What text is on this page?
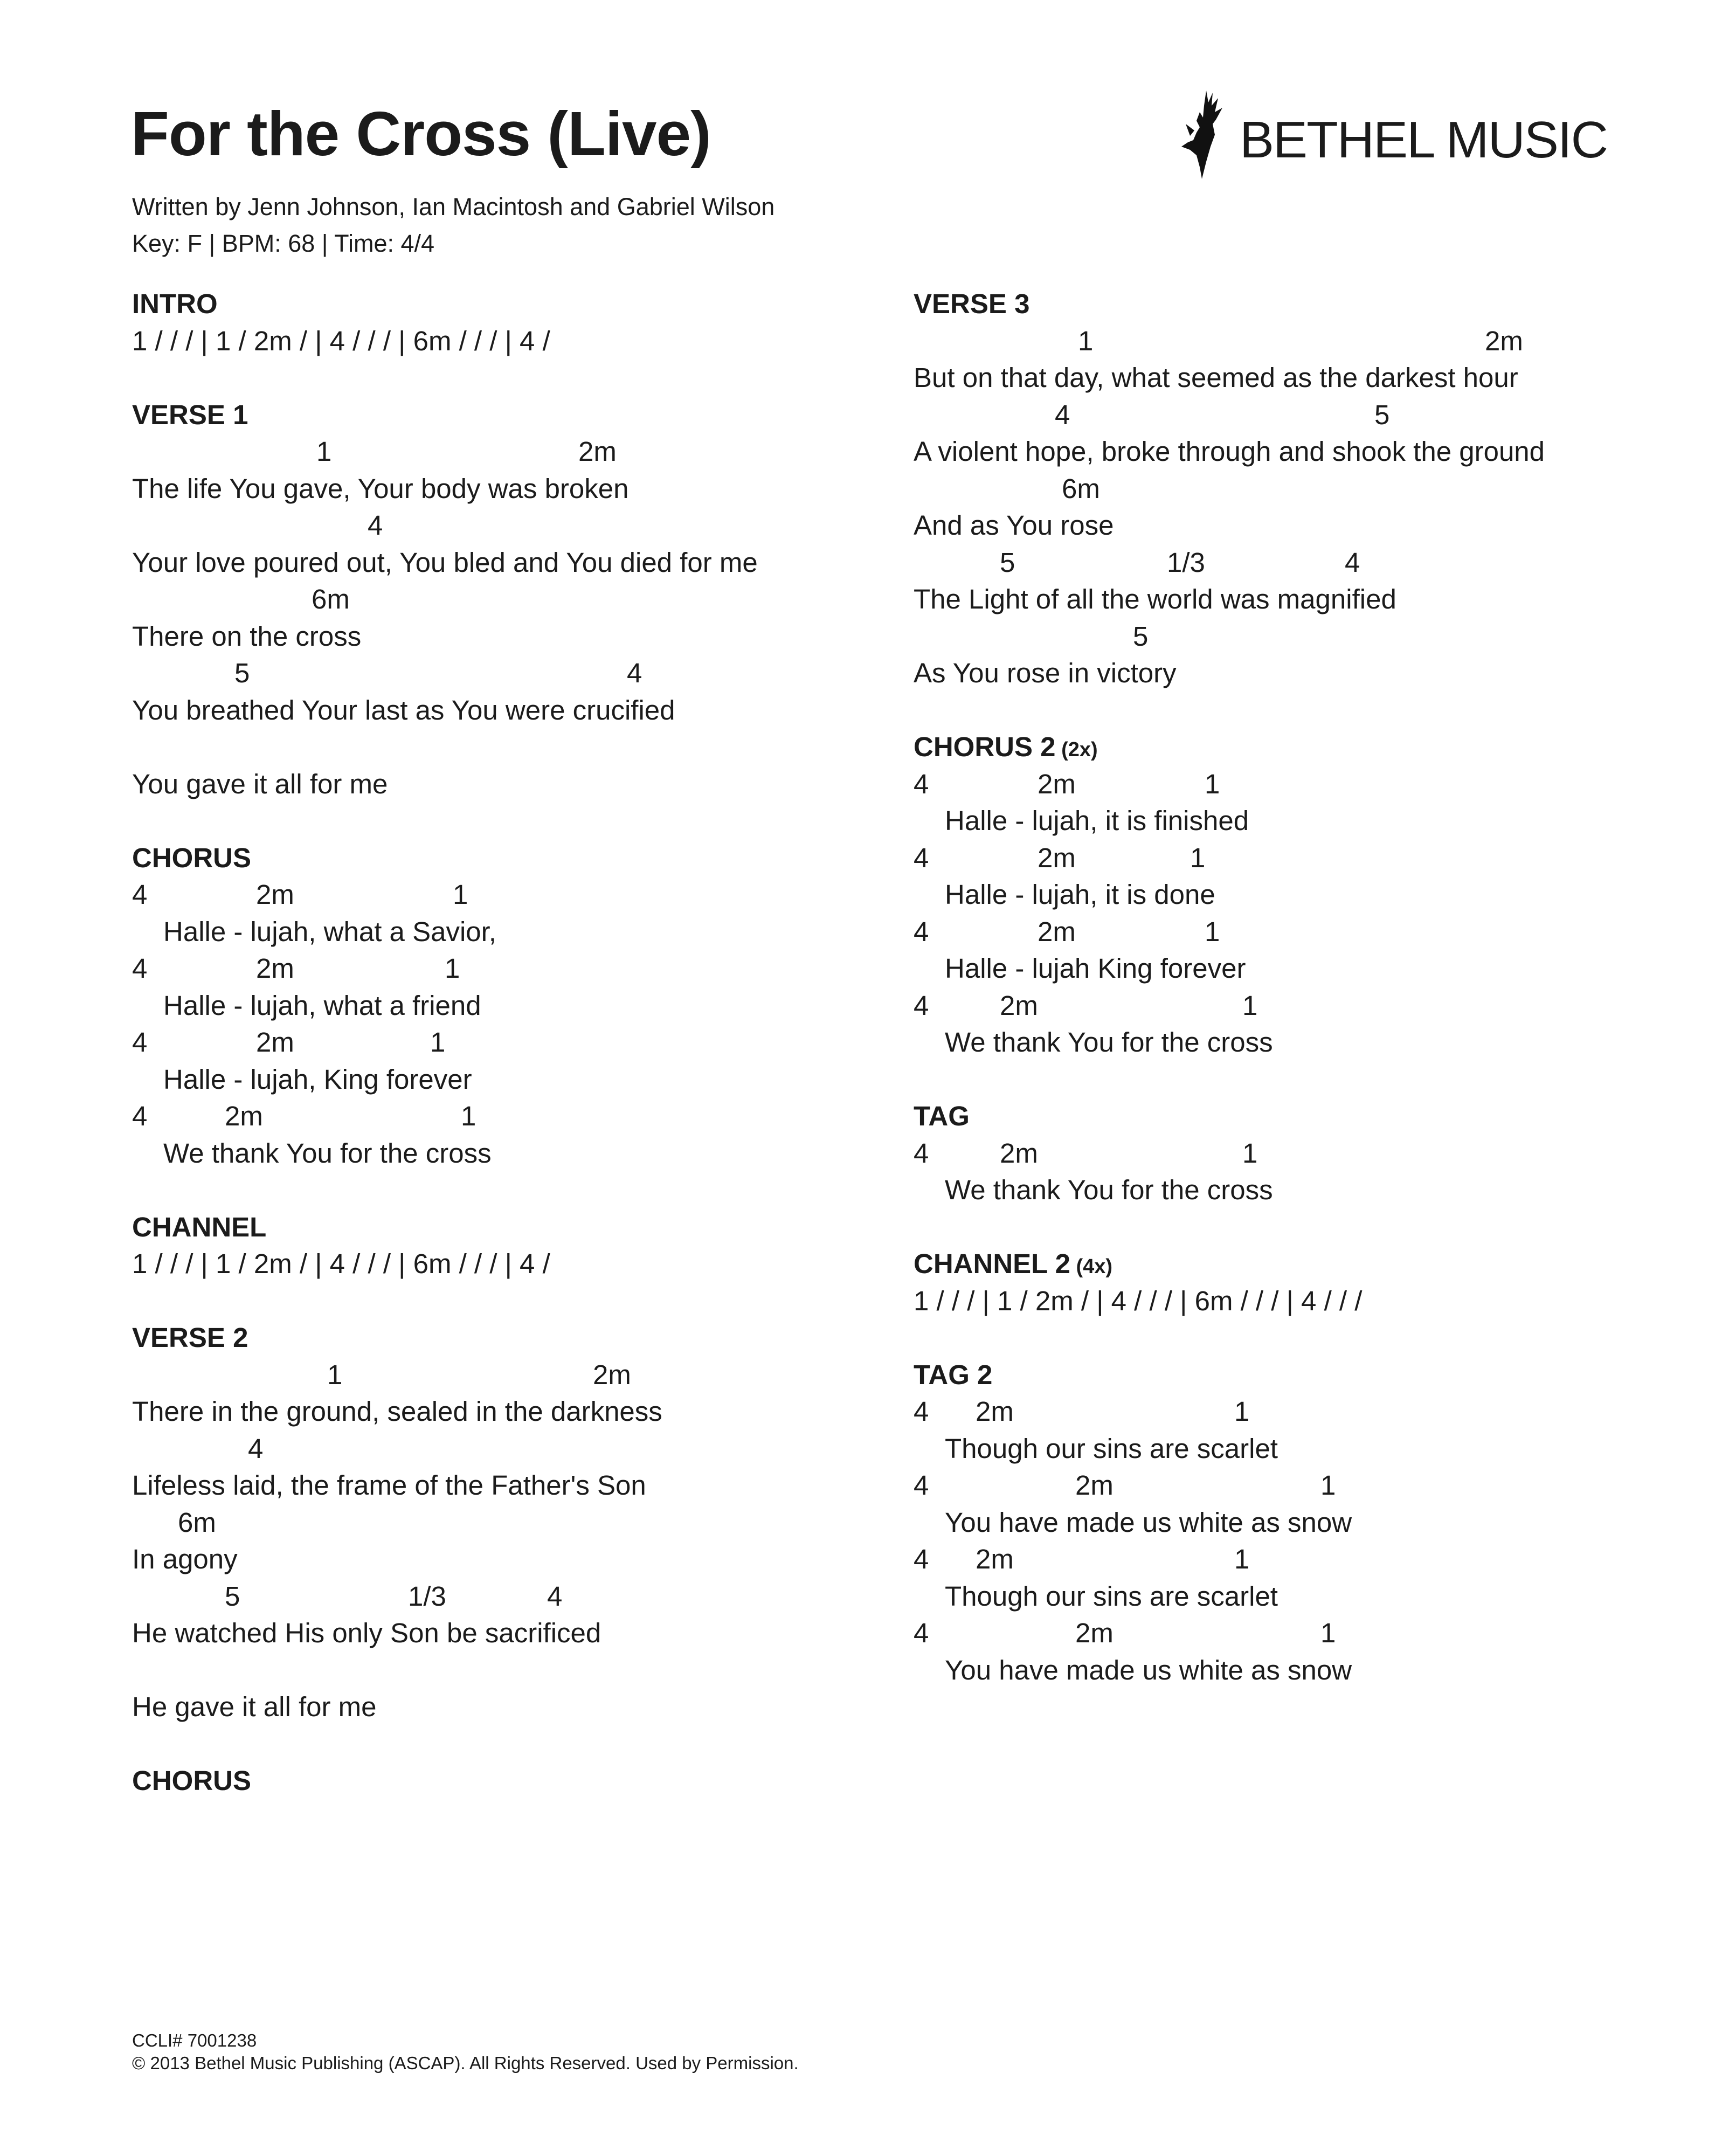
For the Cross (Live)
Written by Jenn Johnson, Ian Macintosh and Gabriel Wilson
Key: F | BPM: 68 | Time: 4/4
BETHEL MUSIC
INTRO
1 / / / | 1 / 2m / | 4 / / / | 6m / / / | 4 /
VERSE 1
1	2m
The life You gave, Your body was broken
4
Your love poured out, You bled and You died for me
6m
There on the cross
5	4
You breathed Your last as You were crucified
You gave it all for me
CHORUS
4	2m	1
Halle - lujah, what a Savior,
4	2m	1
Halle - lujah, what a friend
4	2m	1
Halle - lujah, King forever
4	2m	1
We thank You for the cross
CHANNEL
1 / / / | 1 / 2m / | 4 / / / | 6m / / / | 4 /
VERSE 2
1	2m
There in the ground, sealed in the darkness
4
Lifeless laid, the frame of the Father's Son
6m
In agony
5	1/3	4
He watched His only Son be sacrificed
He gave it all for me
CHORUS
VERSE 3
1	2m
But on that day, what seemed as the darkest hour
4	5
A violent hope, broke through and shook the ground
6m
And as You rose
5	1/3	4
The Light of all the world was magnified
5
As You rose in victory
CHORUS 2 (2x)
4	2m	1
Halle - lujah, it is finished
4	2m	1
Halle - lujah, it is done
4	2m	1
Halle - lujah King forever
4	2m	1
We thank You for the cross
TAG
4	2m	1
We thank You for the cross
CHANNEL 2 (4x)
1 / / / | 1 / 2m / | 4 / / / | 6m / / / | 4 / / /
TAG 2
4 2m	1
Though our sins are scarlet
4	2m	1
You have made us white as snow
4 2m	1
Though our sins are scarlet
4	2m	1
You have made us white as snow
CCLI# 7001238
© 2013 Bethel Music Publishing (ASCAP). All Rights Reserved. Used by Permission.
